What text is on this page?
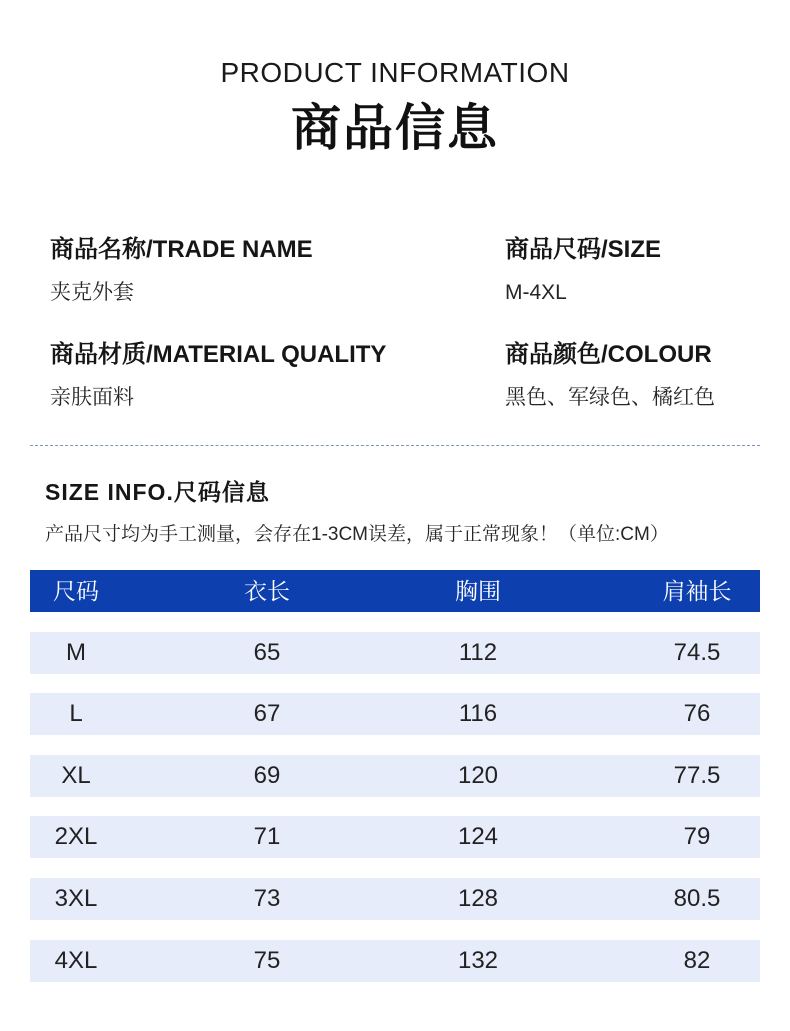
PRODUCT INFORMATION
商品信息
商品名称/TRADE NAME
夹克外套
商品尺码/SIZE
M-4XL
商品材质/MATERIAL QUALITY
亲肤面料
商品颜色/COLOUR
黑色、军绿色、橘红色
SIZE INFO.尺码信息
产品尺寸均为手工测量，会存在1-3CM误差，属于正常现象！（单位:CM）
尺码	衣长	胸围	肩袖长
M	65	112	74.5
L	67	116	76
XL	69	120	77.5
2XL	71	124	79
3XL	73	128	80.5
4XL	75	132	82
